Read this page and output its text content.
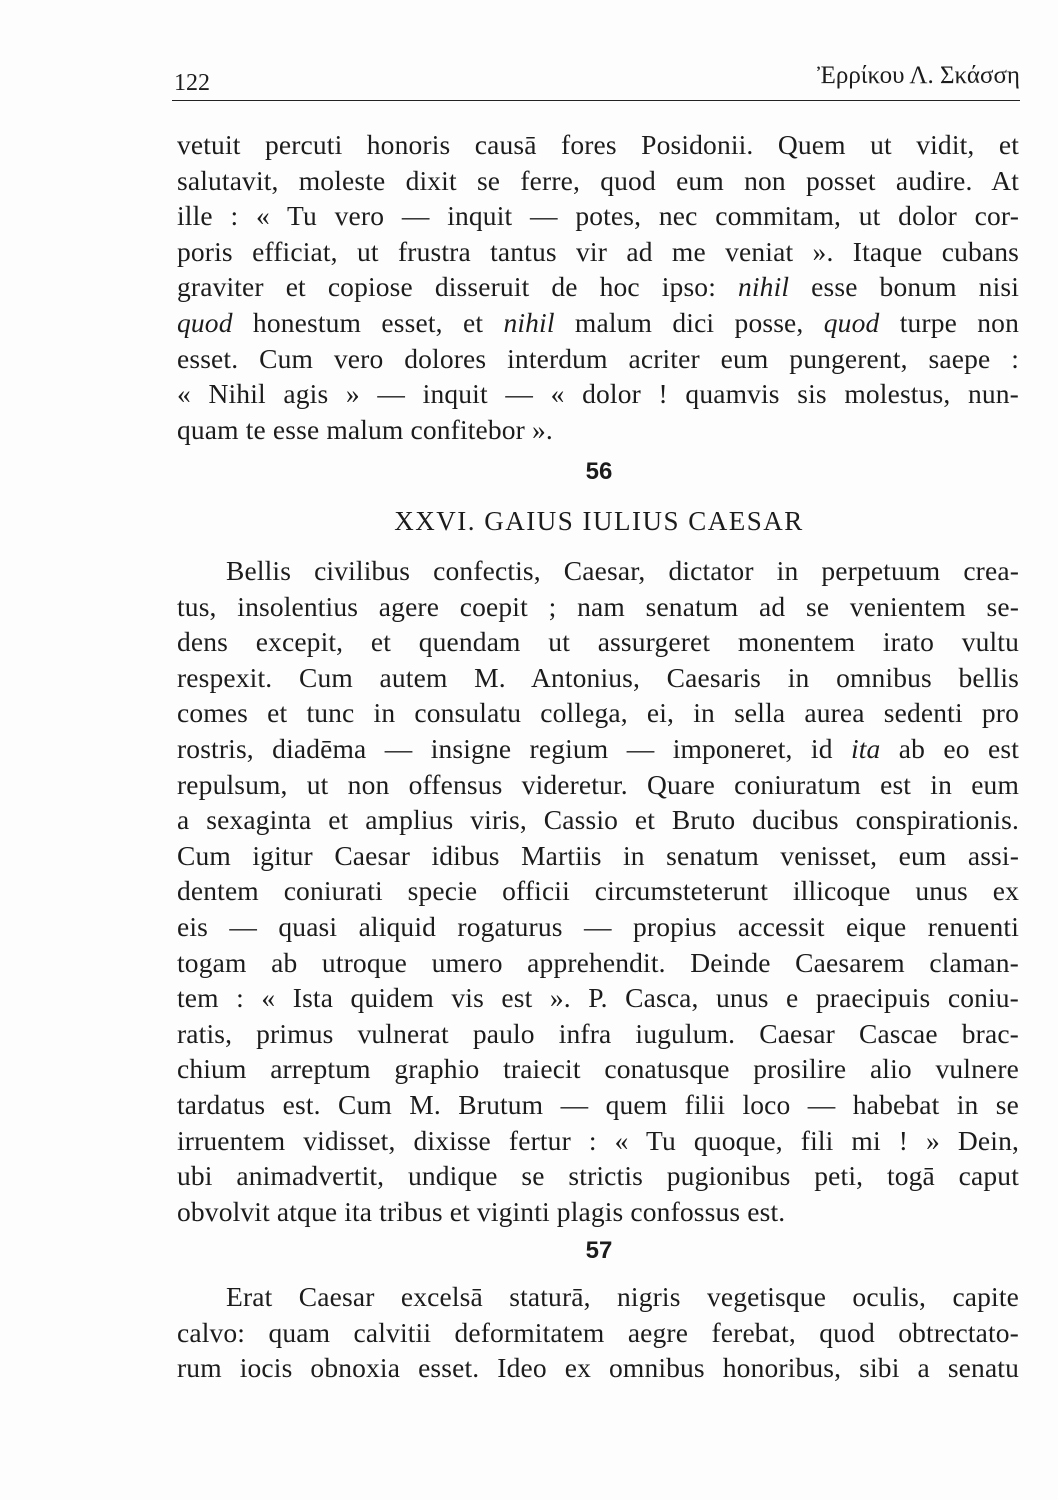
122	Ἐρρίκου Λ. Σκάσση
vetuit percuti honoris causā fores Posidonii. Quem ut vidit, et
salutavit, moleste dixit se ferre, quod eum non posset audire. At
ille : « Tu vero — inquit — potes, nec commitam, ut dolor cor-
poris efficiat, ut frustra tantus vir ad me veniat ». Itaque cubans
graviter et copiose disseruit de hoc ipso: nihil esse bonum nisi
quod honestum esset, et nihil malum dici posse, quod turpe non
esset. Cum vero dolores interdum acriter eum pungerent, saepe :
« Nihil agis » — inquit — « dolor ! quamvis sis molestus, nun-
quam te esse malum confitebor ».
56
XXVI. GAIUS IULIUS CAESAR
Bellis civilibus confectis, Caesar, dictator in perpetuum crea-
tus, insolentius agere coepit ; nam senatum ad se venientem se-
dens excepit, et quendam ut assurgeret monentem irato vultu
respexit. Cum autem M. Antonius, Caesaris in omnibus bellis
comes et tunc in consulatu collega, ei, in sella aurea sedenti pro
rostris, diadēma — insigne regium — imponeret, id ita ab eo est
repulsum, ut non offensus videretur. Quare coniuratum est in eum
a sexaginta et amplius viris, Cassio et Bruto ducibus conspirationis.
Cum igitur Caesar idibus Martiis in senatum venisset, eum assi-
dentem coniurati specie officii circumsteterunt illicoque unus ex
eis — quasi aliquid rogaturus — propius accessit eique renuenti
togam ab utroque umero apprehendit. Deinde Caesarem claman-
tem : « Ista quidem vis est ». P. Casca, unus e praecipuis coniu-
ratis, primus vulnerat paulo infra iugulum. Caesar Cascae brac-
chium arreptum graphio traiecit conatusque prosilire alio vulnere
tardatus est. Cum M. Brutum — quem filii loco — habebat in se
irruentem vidisset, dixisse fertur : « Tu quoque, fili mi ! » Dein,
ubi animadvertit, undique se strictis pugionibus peti, togā caput
obvolvit atque ita tribus et viginti plagis confossus est.
57
Erat Caesar excelsā staturā, nigris vegetisque oculis, capite
calvo: quam calvitii deformitatem aegre ferebat, quod obtrectato-
rum iocis obnoxia esset. Ideo ex omnibus honoribus, sibi a senatu
